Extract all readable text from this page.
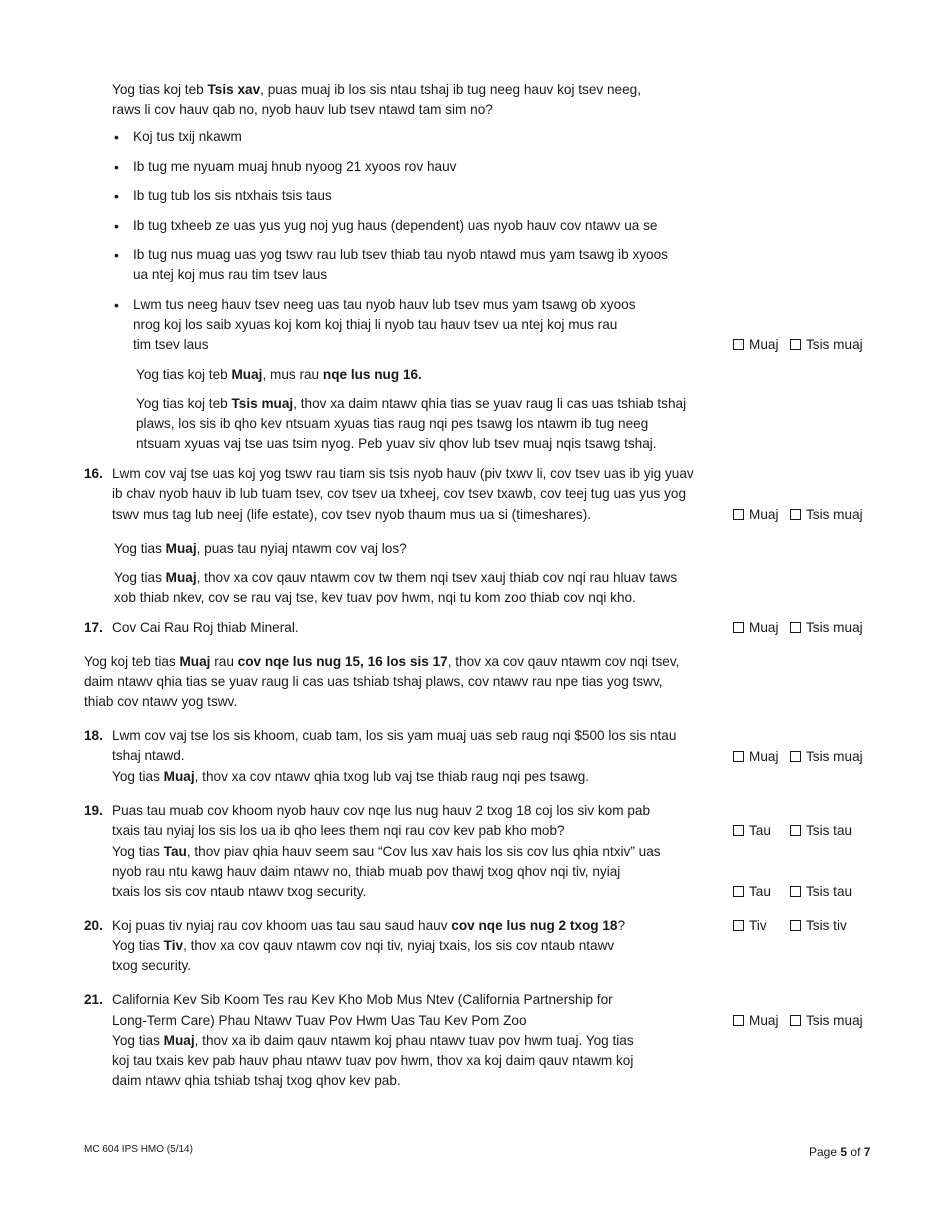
Yog tias koj teb Tsis xav, puas muaj ib los sis ntau tshaj ib tug neeg hauv koj tsev neeg,
raws li cov hauv qab no, nyob hauv lub tsev ntawd tam sim no?
• Koj tus txij nkawm
• Ib tug me nyuam muaj hnub nyoog 21 xyoos rov hauv
• Ib tug tub los sis ntxhais tsis taus
• Ib tug txheeb ze uas yus yug noj yug haus (dependent) uas nyob hauv cov ntawv ua se
• Ib tug nus muag uas yog tswv rau lub tsev thiab tau nyob ntawd mus yam tsawg ib xyoos
ua ntej koj mus rau tim tsev laus
• Lwm tus neeg hauv tsev neeg uas tau nyob hauv lub tsev mus yam tsawg ob xyoos
nrog koj los saib xyuas koj kom koj thiaj li nyob tau hauv tsev ua ntej koj mus rau
tim tsev laus	Muaj	Tsis muaj
Yog tias koj teb Muaj, mus rau nqe lus nug 16.
Yog tias koj teb Tsis muaj, thov xa daim ntawv qhia tias se yuav raug li cas uas tshiab tshaj
plaws, los sis ib qho kev ntsuam xyuas tias raug nqi pes tsawg los ntawm ib tug neeg
ntsuam xyuas vaj tse uas tsim nyog. Peb yuav siv qhov lub tsev muaj nqis tsawg tshaj.
16. Lwm cov vaj tse uas koj yog tswv rau tiam sis tsis nyob hauv (piv txwv li, cov tsev uas ib yig yuav
ib chav nyob hauv ib lub tuam tsev, cov tsev ua txheej, cov tsev txawb, cov teej tug uas yus yog
tswv mus tag lub neej (life estate), cov tsev nyob thaum mus ua si (timeshares).	Muaj	Tsis muaj
Yog tias Muaj, puas tau nyiaj ntawm cov vaj los?
Yog tias Muaj, thov xa cov qauv ntawm cov tw them nqi tsev xauj thiab cov nqi rau hluav taws
xob thiab nkev, cov se rau vaj tse, kev tuav pov hwm, nqi tu kom zoo thiab cov nqi kho.
17. Cov Cai Rau Roj thiab Mineral.	Muaj	Tsis muaj
Yog koj teb tias Muaj rau cov nqe lus nug 15, 16 los sis 17, thov xa cov qauv ntawm cov nqi tsev,
daim ntawv qhia tias se yuav raug li cas uas tshiab tshaj plaws, cov ntawv rau npe tias yog tswv,
thiab cov ntawv yog tswv.
18. Lwm cov vaj tse los sis khoom, cuab tam, los sis yam muaj uas seb raug nqi $500 los sis ntau
tshaj ntawd.
Yog tias Muaj, thov xa cov ntawv qhia txog lub vaj tse thiab raug nqi pes tsawg.
Muaj	Tsis muaj
19. Puas tau muab cov khoom nyob hauv cov nqe lus nug hauv 2 txog 18 coj los siv kom pab
txais tau nyiaj los sis los ua ib qho lees them nqi rau cov kev pab kho mob?	Tau	Tsis tau
Yog tias Tau, thov piav qhia hauv seem sau “Cov lus xav hais los sis cov lus qhia ntxiv” uas
nyob rau ntu kawg hauv daim ntawv no, thiab muab pov thawj txog qhov nqi tiv, nyiaj
txais los sis cov ntaub ntawv txog security.	Tau	Tsis tau
20. Koj puas tiv nyiaj rau cov khoom uas tau sau saud hauv cov nqe lus nug 2 txog 18?	Tiv	Tsis tiv
Yog tias Tiv, thov xa cov qauv ntawm cov nqi tiv, nyiaj txais, los sis cov ntaub ntawv
txog security.
21. California Kev Sib Koom Tes rau Kev Kho Mob Mus Ntev (California Partnership for
Long-Term Care) Phau Ntawv Tuav Pov Hwm Uas Tau Kev Pom Zoo	Muaj	Tsis muaj
Yog tias Muaj, thov xa ib daim qauv ntawm koj phau ntawv tuav pov hwm tuaj. Yog tias
koj tau txais kev pab hauv phau ntawv tuav pov hwm, thov xa koj daim qauv ntawm koj
daim ntawv qhia tshiab tshaj txog qhov kev pab.
MC 604 IPS HMO (5/14)	Page 5 of 7
